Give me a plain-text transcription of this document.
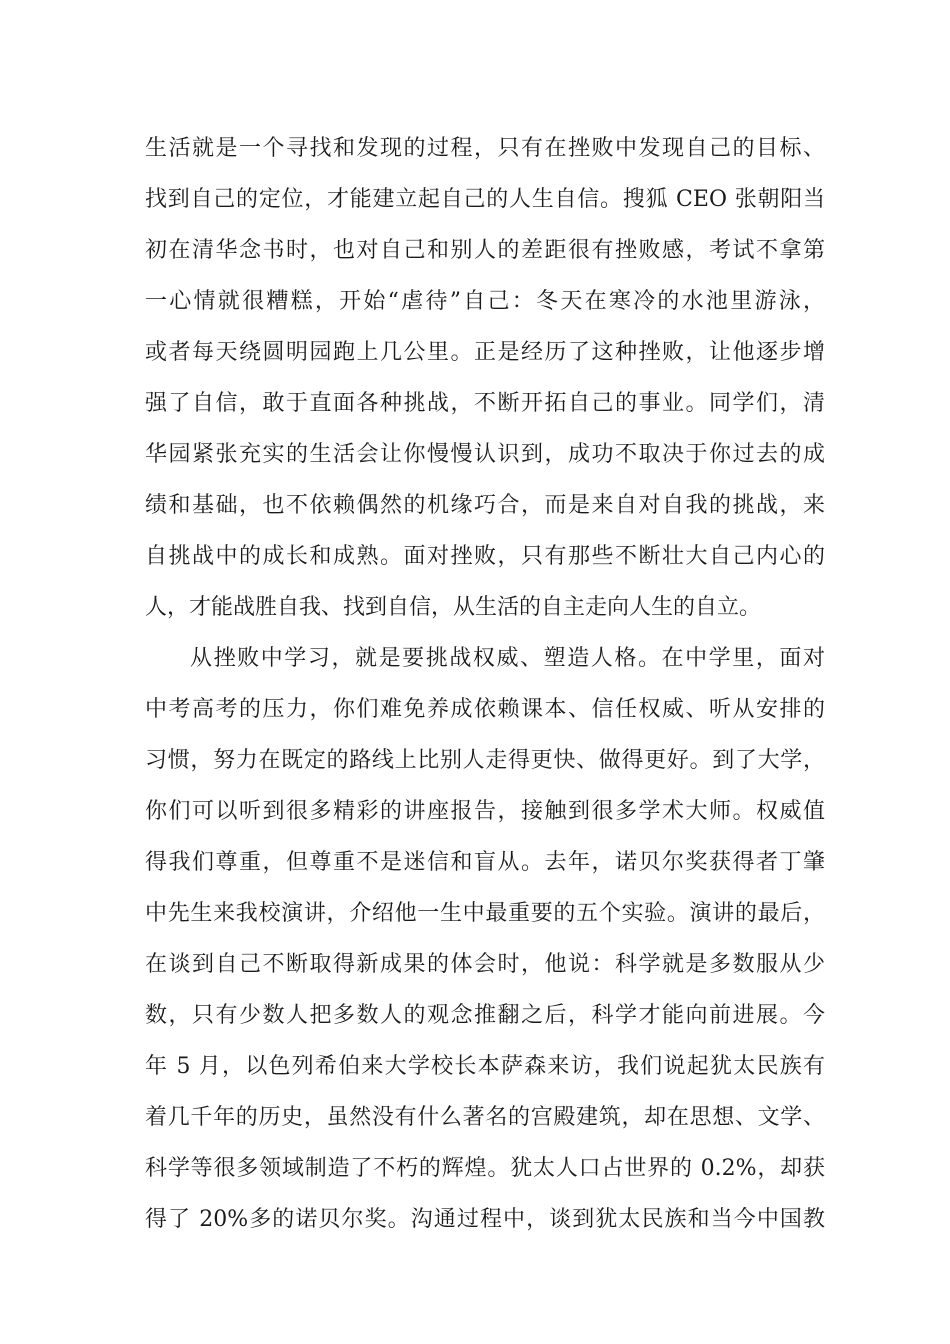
生活就是一个寻找和发现的过程，只有在挫败中发现自己的目标、
找到自己的定位，才能建立起自己的人生自信。搜狐 CEO 张朝阳当
初在清华念书时，也对自己和别人的差距很有挫败感，考试不拿第
一心情就很糟糕，开始“虐待”自己：冬天在寒冷的水池里游泳，
或者每天绕圆明园跑上几公里。正是经历了这种挫败，让他逐步增
强了自信，敢于直面各种挑战，不断开拓自己的事业。同学们，清
华园紧张充实的生活会让你慢慢认识到，成功不取决于你过去的成
绩和基础，也不依赖偶然的机缘巧合，而是来自对自我的挑战，来
自挑战中的成长和成熟。面对挫败，只有那些不断壮大自己内心的
人，才能战胜自我、找到自信，从生活的自主走向人生的自立。
从挫败中学习，就是要挑战权威、塑造人格。在中学里，面对
中考高考的压力，你们难免养成依赖课本、信任权威、听从安排的
习惯，努力在既定的路线上比别人走得更快、做得更好。到了大学，
你们可以听到很多精彩的讲座报告，接触到很多学术大师。权威值
得我们尊重，但尊重不是迷信和盲从。去年，诺贝尔奖获得者丁肇
中先生来我校演讲，介绍他一生中最重要的五个实验。演讲的最后，
在谈到自己不断取得新成果的体会时，他说：科学就是多数服从少
数，只有少数人把多数人的观念推翻之后，科学才能向前进展。今
年 5 月，以色列希伯来大学校长本萨森来访，我们说起犹太民族有
着几千年的历史，虽然没有什么著名的宫殿建筑，却在思想、文学、
科学等很多领域制造了不朽的辉煌。犹太人口占世界的 0.2%，却获
得了 20%多的诺贝尔奖。沟通过程中，谈到犹太民族和当今中国教
